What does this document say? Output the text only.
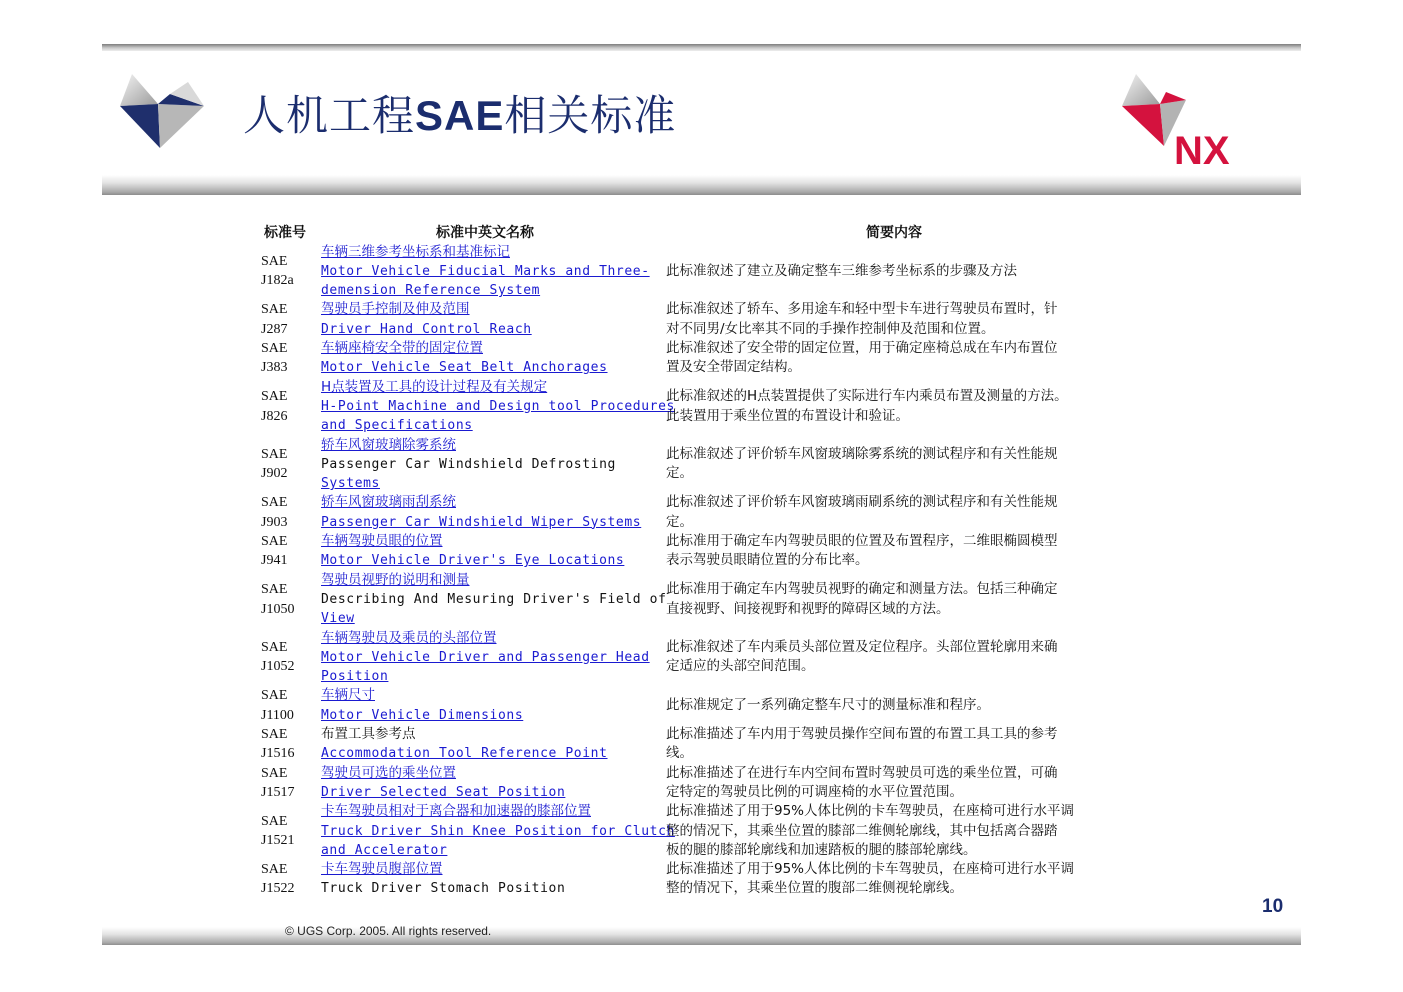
人机工程SAE相关标准
NX
标准号	标准中英文名称	简要内容
SAE
J182a
车辆三维参考坐标系和基准标记
Motor Vehicle Fiducial Marks and Three-
demension Reference System
此标准叙述了建立及确定整车三维参考坐标系的步骤及方法
SAE
J287
驾驶员手控制及伸及范围
Driver Hand Control Reach
此标准叙述了轿车、多用途车和轻中型卡车进行驾驶员布置时，针
对不同男/女比率其不同的手操作控制伸及范围和位置。
SAE
J383
车辆座椅安全带的固定位置
Motor Vehicle Seat Belt Anchorages
此标准叙述了安全带的固定位置，用于确定座椅总成在车内布置位
置及安全带固定结构。
SAE
J826
H点装置及工具的设计过程及有关规定
H-Point Machine and Design tool Procedures
and Specifications
此标准叙述的H点装置提供了实际进行车内乘员布置及测量的方法。
此装置用于乘坐位置的布置设计和验证。
SAE
J902
轿车风窗玻璃除雾系统
Passenger Car Windshield Defrosting
Systems
此标准叙述了评价轿车风窗玻璃除雾系统的测试程序和有关性能规
定。
SAE
J903
轿车风窗玻璃雨刮系统
Passenger Car Windshield Wiper Systems
此标准叙述了评价轿车风窗玻璃雨刷系统的测试程序和有关性能规
定。
SAE
J941
车辆驾驶员眼的位置
Motor Vehicle Driver's Eye Locations
此标准用于确定车内驾驶员眼的位置及布置程序，二维眼椭圆模型
表示驾驶员眼睛位置的分布比率。
SAE
J1050
驾驶员视野的说明和测量
Describing And Mesuring Driver's Field of
View
此标准用于确定车内驾驶员视野的确定和测量方法。包括三种确定
直接视野、间接视野和视野的障碍区域的方法。
SAE
J1052
车辆驾驶员及乘员的头部位置
Motor Vehicle Driver and Passenger Head
Position
此标准叙述了车内乘员头部位置及定位程序。头部位置轮廓用来确
定适应的头部空间范围。
SAE
J1100
车辆尺寸
Motor Vehicle Dimensions
此标准规定了一系列确定整车尺寸的测量标准和程序。
SAE
J1516
布置工具参考点
Accommodation Tool Reference Point
此标准描述了车内用于驾驶员操作空间布置的布置工具工具的参考
线。
SAE
J1517
驾驶员可选的乘坐位置
Driver Selected Seat Position
此标准描述了在进行车内空间布置时驾驶员可选的乘坐位置，可确
定特定的驾驶员比例的可调座椅的水平位置范围。
SAE
J1521
卡车驾驶员相对于离合器和加速器的膝部位置
Truck Driver Shin Knee Position for Clutch
and Accelerator
此标准描述了用于95%人体比例的卡车驾驶员，在座椅可进行水平调
整的情况下，其乘坐位置的膝部二维侧轮廓线，其中包括离合器踏
板的腿的膝部轮廓线和加速踏板的腿的膝部轮廓线。
SAE
J1522
卡车驾驶员腹部位置
Truck Driver Stomach Position
此标准描述了用于95%人体比例的卡车驾驶员，在座椅可进行水平调
整的情况下，其乘坐位置的腹部二维侧视轮廓线。
10
© UGS Corp. 2005. All rights reserved.
